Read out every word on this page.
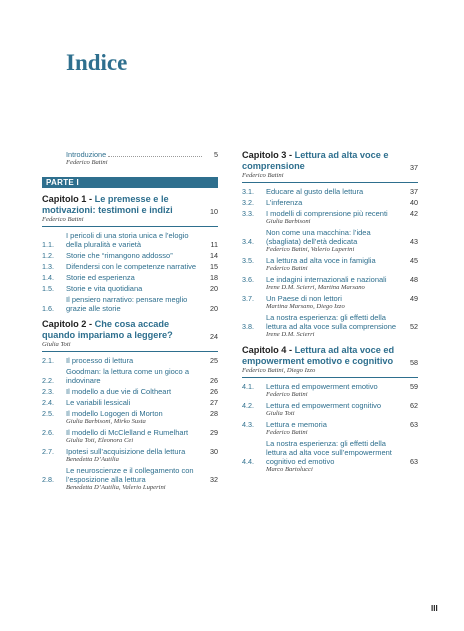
Indice
Introduzione	5
Federico Batini
PARTE I
Capitolo 1 - Le premesse e le motivazioni: testimoni e indizi	10
Federico Batini
1.1.
I pericoli di una storia unica e l’elogio della pluralità e varietà	11
1.2.	Storie che “rimangono addosso”	14
1.3.	Difendersi con le competenze narrative	15
1.4.	Storie ed esperienza	18
1.5.	Storie e vita quotidiana	20
1.6.
Il pensiero narrativo: pensare meglio grazie alle storie	20
Capitolo 2 - Che cosa accade quando impariamo a leggere?	24
Giulia Toti
2.1.	Il processo di lettura	25
2.2.
Goodman: la lettura come un gioco a indovinare	26
2.3.	Il modello a due vie di Coltheart	26
2.4.	Le variabili lessicali	27
2.5.	Il modello Logogen di Morton	28
Giulia Barbisoni, Mirko Susta
2.6.	Il modello di McClelland e Rumelhart	29
Giulia Toti, Eleonora Cei
2.7.	Ipotesi sull’acquisizione della lettura	30
Benedetta D’Autilia
2.8.
Le neuroscienze e il collegamento con l’esposizione alla lettura	32
Benedetta D’Autilia, Valerio Luperini
Capitolo 3 - Lettura ad alta voce e comprensione	37
Federico Batini
3.1.	Educare al gusto della lettura	37
3.2.	L’inferenza	40
3.3.	I modelli di comprensione più recenti	42
Giulia Barbisoni
3.4.
Non come una macchina: l’idea (sbagliata) dell’età dedicata	43
Federico Batini, Valerio Luperini
3.5.	La lettura ad alta voce in famiglia	45
Federico Batini
3.6.	Le indagini internazionali e nazionali	48
Irene D.M. Scierri, Martina Marsano
3.7.	Un Paese di non lettori	49
Martina Marsano, Diego Izzo
3.8.
La nostra esperienza: gli effetti della lettura ad alta voce sulla comprensione	52
Irene D.M. Scierri
Capitolo 4 - Lettura ad alta voce ed empowerment emotivo e cognitivo	58
Federico Batini, Diego Izzo
4.1.	Lettura ed empowerment emotivo	59
Federico Batini
4.2.	Lettura ed empowerment cognitivo	62
Giulia Toti
4.3.	Lettura e memoria	63
Federico Batini
4.4.
La nostra esperienza: gli effetti della lettura ad alta voce sull’empowerment cognitivo ed emotivo	63
Marco Bartolucci
III
